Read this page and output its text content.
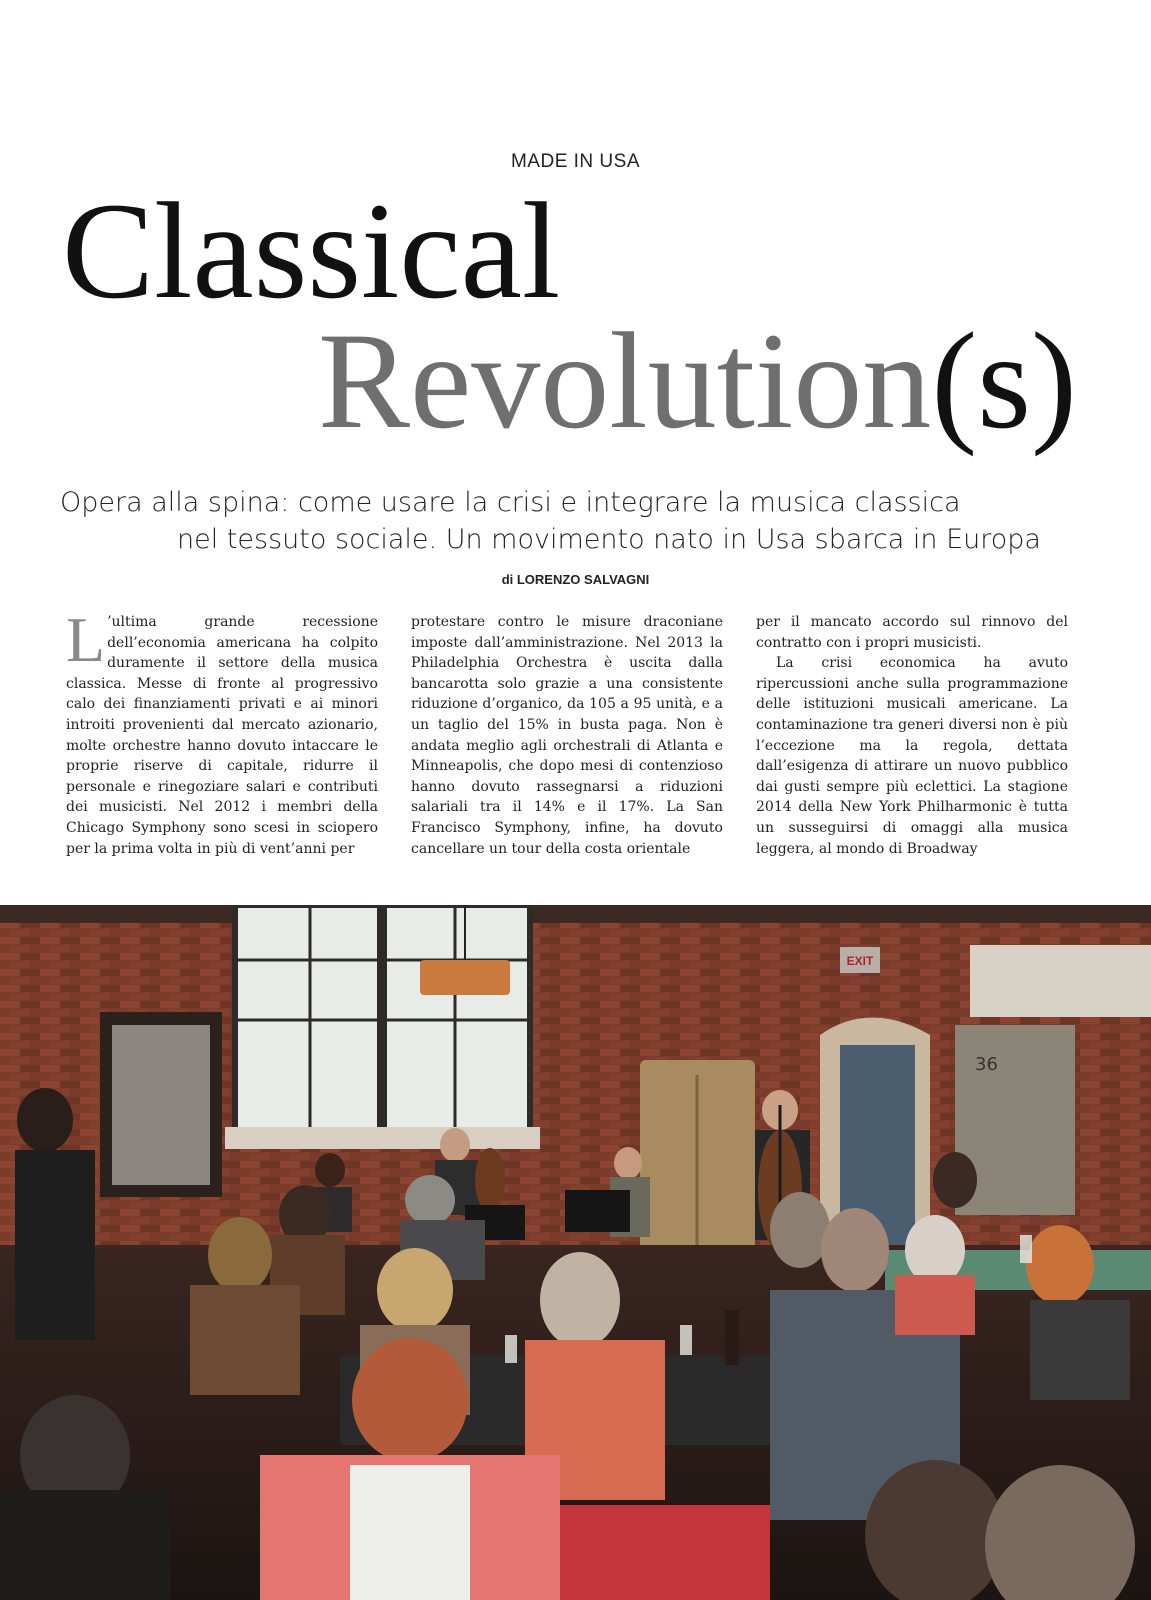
MADE IN USA
Classical
Revolution(s)
Opera alla spina: come usare la crisi e integrare la musica classica
nel tessuto sociale. Un movimento nato in Usa sbarca in Europa
di LORENZO SALVAGNI

L ’ultima grande recessione dell’economia americana ha colpito duramente il settore della musica classica. Messe di fronte al progressivo calo dei finanziamenti privati e ai minori introiti provenienti dal mercato azionario, molte orchestre hanno dovuto intaccare le proprie riserve di capitale, ridurre il personale e rinegoziare salari e contributi dei musicisti. Nel 2012 i membri della Chicago Symphony sono scesi in sciopero per la prima volta in più di vent’anni per

protestare contro le misure draconiane imposte dall’amministrazione. Nel 2013 la Philadelphia Orchestra è uscita dalla bancarotta solo grazie a una consistente riduzione d’organico, da 105 a 95 unità, e a un taglio del 15% in busta paga. Non è andata meglio agli orchestrali di Atlanta e Minneapolis, che dopo mesi di contenzioso hanno dovuto rassegnarsi a riduzioni salariali tra il 14% e il 17%. La San Francisco Symphony, infine, ha dovuto cancellare un tour della costa orientale

per il mancato accordo sul rinnovo del contratto con i propri musicisti.

La crisi economica ha avuto ripercussioni anche sulla programmazione delle istituzioni musicali americane. La contaminazione tra generi diversi non è più l’eccezione ma la regola, dettata dall’esigenza di attirare un nuovo pubblico dai gusti sempre più eclettici. La stagione 2014 della New York Philharmonic è tutta un susseguirsi di omaggi alla musica leggera, al mondo di Broadway

EXIT
36
